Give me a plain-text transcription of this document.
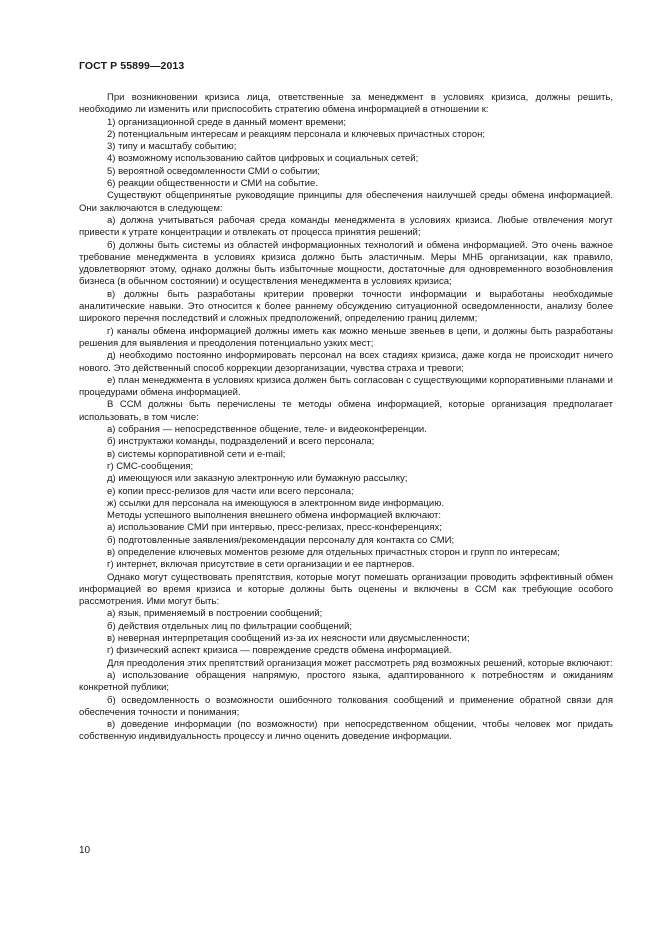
ГОСТ Р 55899—2013

При возникновении кризиса лица, ответственные за менеджмент в условиях кризиса, должны решить, необходимо ли изменить или приспособить стратегию обмена информацией в отношении к:

1) организационной среде в данный момент времени;

2) потенциальным интересам и реакциям персонала и ключевых причастных сторон;

3) типу и масштабу событию;

4) возможному использованию сайтов цифровых и социальных сетей;

5) вероятной осведомленности СМИ о событии;

6) реакции общественности и СМИ на событие.

Существуют общепринятые руководящие принципы для обеспечения наилучшей среды обмена информацией. Они заключаются в следующем:

а) должна учитываться рабочая среда команды менеджмента в условиях кризиса. Любые отвлечения могут привести к утрате концентрации и отвлекать от процесса принятия решений;

б) должны быть системы из областей информационных технологий и обмена информацией. Это очень важное требование менеджмента в условиях кризиса должно быть эластичным. Меры МНБ организации, как правило, удовлетворяют этому, однако должны быть избыточные мощности, достаточные для одновременного возобновления бизнеса (в обычном состоянии) и осуществления менеджмента в условиях кризиса;

в) должны быть разработаны критерии проверки точности информации и выработаны необходимые аналитические навыки. Это относится к более раннему обсуждению ситуационной осведомленности, анализу более широкого перечня последствий и сложных предположений, определению границ дилемм;

г) каналы обмена информацией должны иметь как можно меньше звеньев в цепи, и должны быть разработаны решения для выявления и преодоления потенциально узких мест;

д) необходимо постоянно информировать персонал на всех стадиях кризиса, даже когда не происходит ничего нового. Это действенный способ коррекции дезорганизации, чувства страха и тревоги;

е) план менеджмента в условиях кризиса должен быть согласован с существующими корпоративными планами и процедурами обмена информацией.

В ССМ должны быть перечислены те методы обмена информацией, которые организация предполагает использовать, в том числе:

а) собрания — непосредственное общение, теле- и видеоконференции.

б) инструктажи команды, подразделений и всего персонала;

в) системы корпоративной сети и e-mail;

г) СМС-сообщения;

д) имеющуюся или заказную электронную или бумажную рассылку;

е) копии пресс-релизов для части или всего персонала;

ж) ссылки для персонала на имеющуюся в электронном виде информацию.

Методы успешного выполнения внешнего обмена информацией включают:

а) использование СМИ при интервью, пресс-релизах, пресс-конференциях;

б) подготовленные заявления/рекомендации персоналу для контакта со СМИ;

в) определение ключевых моментов резюме для отдельных причастных сторон и групп по интересам;

г) интернет, включая присутствие в сети организации и ее партнеров.

Однако могут существовать препятствия, которые могут помешать организации проводить эффективный обмен информацией во время кризиса и которые должны быть оценены и включены в ССМ как требующие особого рассмотрения. Ими могут быть:

а) язык, применяемый в построении сообщений;

б) действия отдельных лиц по фильтрации сообщений;

в) неверная интерпретация сообщений из-за их неясности или двусмысленности;

г) физический аспект кризиса — повреждение средств обмена информацией.

Для преодоления этих препятствий организация может рассмотреть ряд возможных решений, которые включают:

а) использование обращения напрямую, простого языка, адаптированного к потребностям и ожиданиям конкретной публики;

б) осведомленность о возможности ошибочного толкования сообщений и применение обратной связи для обеспечения точности и понимания;

в) доведение информации (по возможности) при непосредственном общении, чтобы человек мог придать собственную индивидуальность процессу и лично оценить доведение информации.

10
